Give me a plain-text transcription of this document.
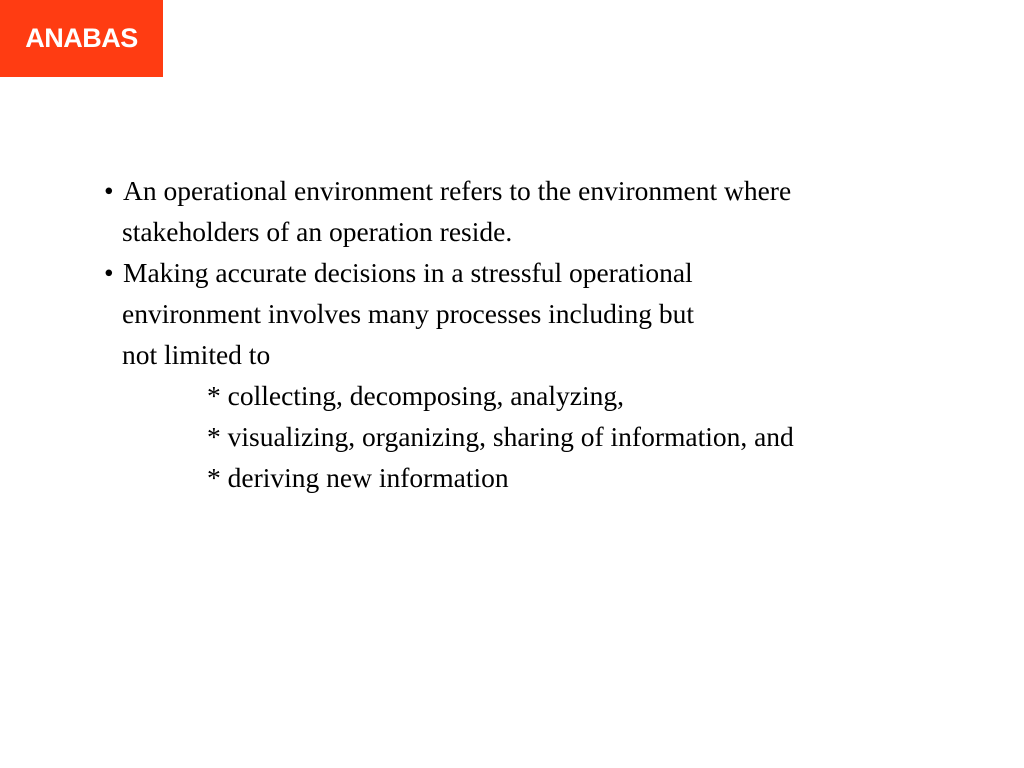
ANABAS
• An operational environment refers to the environment where
stakeholders of an operation reside.
• Making accurate decisions in a stressful operational
environment involves many processes including but
not limited to
* collecting, decomposing, analyzing,
* visualizing, organizing, sharing of information, and
* deriving new information
